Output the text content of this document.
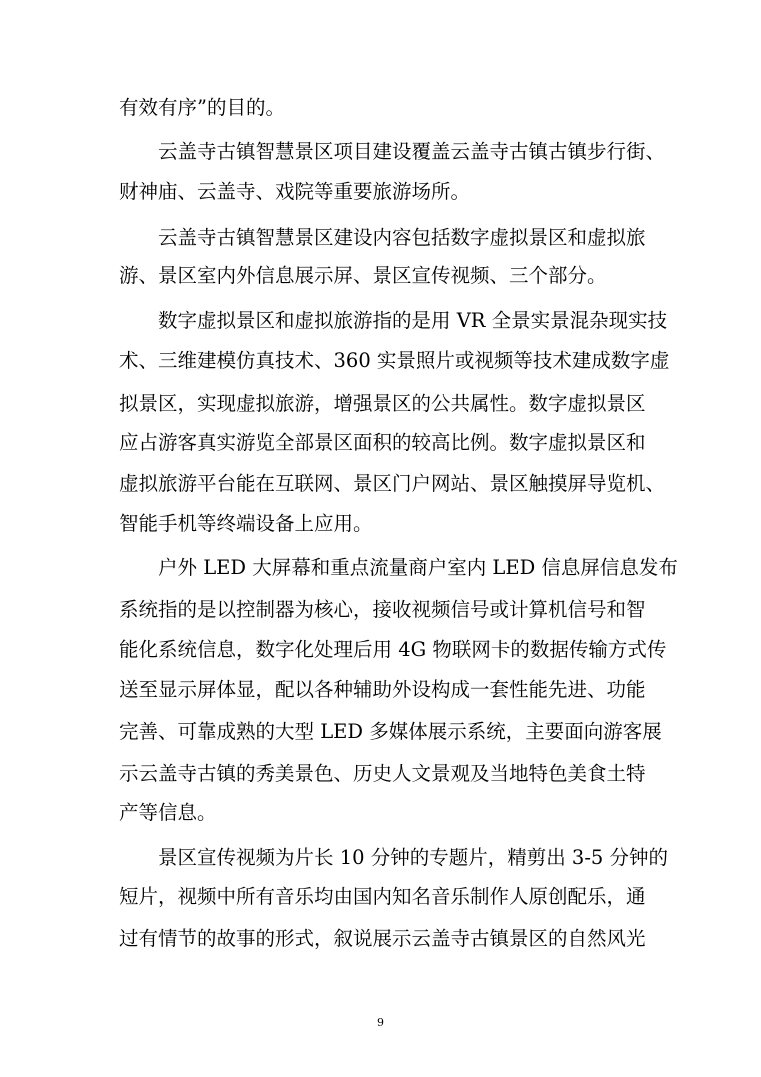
有效有序”的目的。
云盖寺古镇智慧景区项目建设覆盖云盖寺古镇古镇步行街、
财神庙、云盖寺、戏院等重要旅游场所。
云盖寺古镇智慧景区建设内容包括数字虚拟景区和虚拟旅
游、景区室内外信息展示屏、景区宣传视频、三个部分。
数字虚拟景区和虚拟旅游指的是用 VR 全景实景混杂现实技
术、三维建模仿真技术、360 实景照片或视频等技术建成数字虚
拟景区，实现虚拟旅游，增强景区的公共属性。数字虚拟景区
应占游客真实游览全部景区面积的较高比例。数字虚拟景区和
虚拟旅游平台能在互联网、景区门户网站、景区触摸屏导览机、
智能手机等终端设备上应用。
户外 LED 大屏幕和重点流量商户室内 LED 信息屏信息发布
系统指的是以控制器为核心，接收视频信号或计算机信号和智
能化系统信息，数字化处理后用 4G 物联网卡的数据传输方式传
送至显示屏体显，配以各种辅助外设构成一套性能先进、功能
完善、可靠成熟的大型 LED 多媒体展示系统，主要面向游客展
示云盖寺古镇的秀美景色、历史人文景观及当地特色美食土特
产等信息。
景区宣传视频为片长 10 分钟的专题片，精剪出 3-5 分钟的
短片，视频中所有音乐均由国内知名音乐制作人原创配乐，通
过有情节的故事的形式，叙说展示云盖寺古镇景区的自然风光
9
